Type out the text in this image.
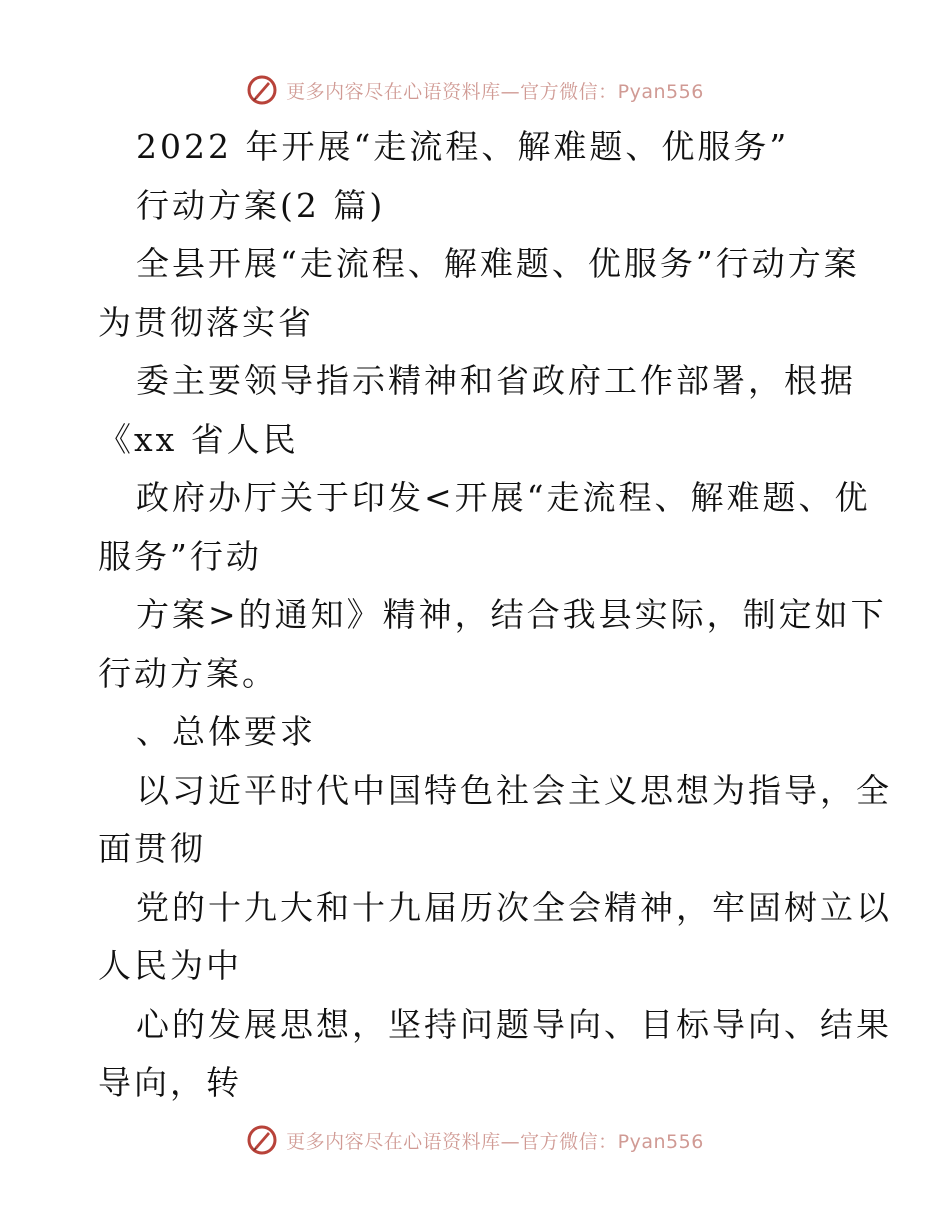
更多内容尽在心语资料库—官方微信：Pyan556
2022 年开展“走流程、解难题、优服务”
行动方案(2 篇)
全县开展“走流程、解难题、优服务”行动方案
为贯彻落实省
委主要领导指示精神和省政府工作部署，根据
《xx 省人民
政府办厅关于印发<开展“走流程、解难题、优
服务”行动
方案>的通知》精神，结合我县实际，制定如下
行动方案。
、总体要求
以习近平时代中国特色社会主义思想为指导，全
面贯彻
党的十九大和十九届历次全会精神，牢固树立以
人民为中
心的发展思想，坚持问题导向、目标导向、结果
导向，转
更多内容尽在心语资料库—官方微信：Pyan556
